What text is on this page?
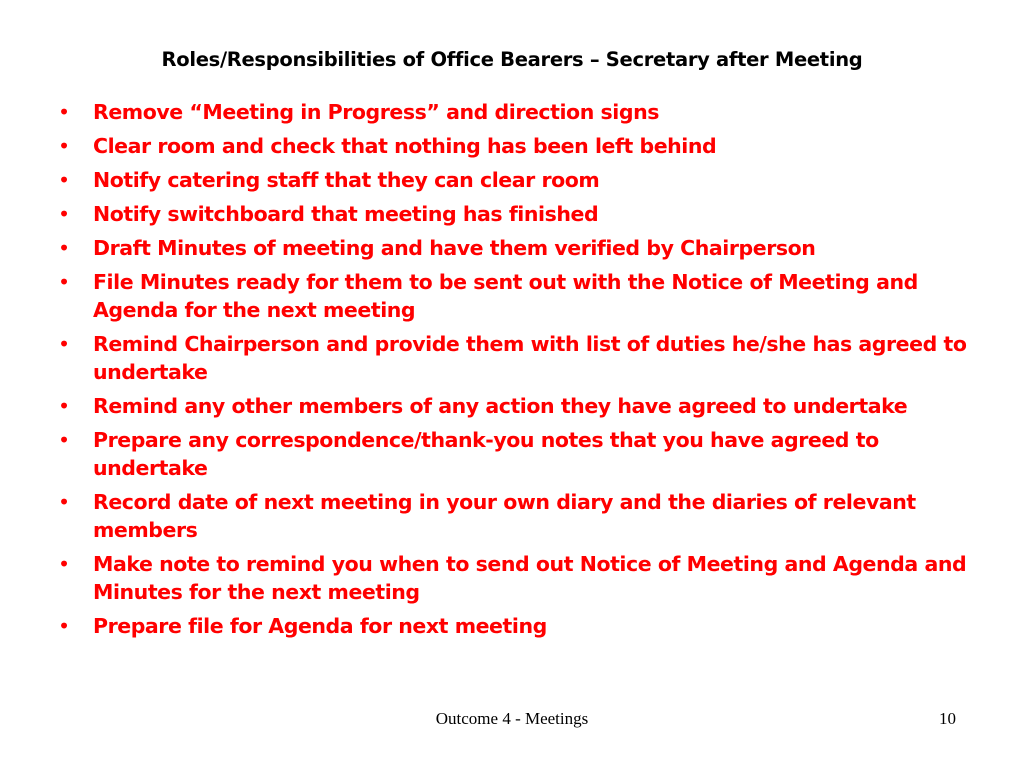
Roles/Responsibilities of Office Bearers – Secretary after Meeting
• Remove “Meeting in Progress” and direction signs
• Clear room and check that nothing has been left behind
• Notify catering staff that they can clear room
• Notify switchboard that meeting has finished
• Draft Minutes of meeting and have them verified by Chairperson
• File Minutes ready for them to be sent out with the Notice of Meeting and Agenda for the next meeting
• Remind Chairperson and provide them with list of duties he/she has agreed to undertake
• Remind any other members of any action they have agreed to undertake
• Prepare any correspondence/thank-you notes that you have agreed to undertake
• Record date of next meeting in your own diary and the diaries of relevant members
• Make note to remind you when to send out Notice of Meeting and Agenda and Minutes for the next meeting
• Prepare file for Agenda for next meeting
Outcome 4 - Meetings	10
